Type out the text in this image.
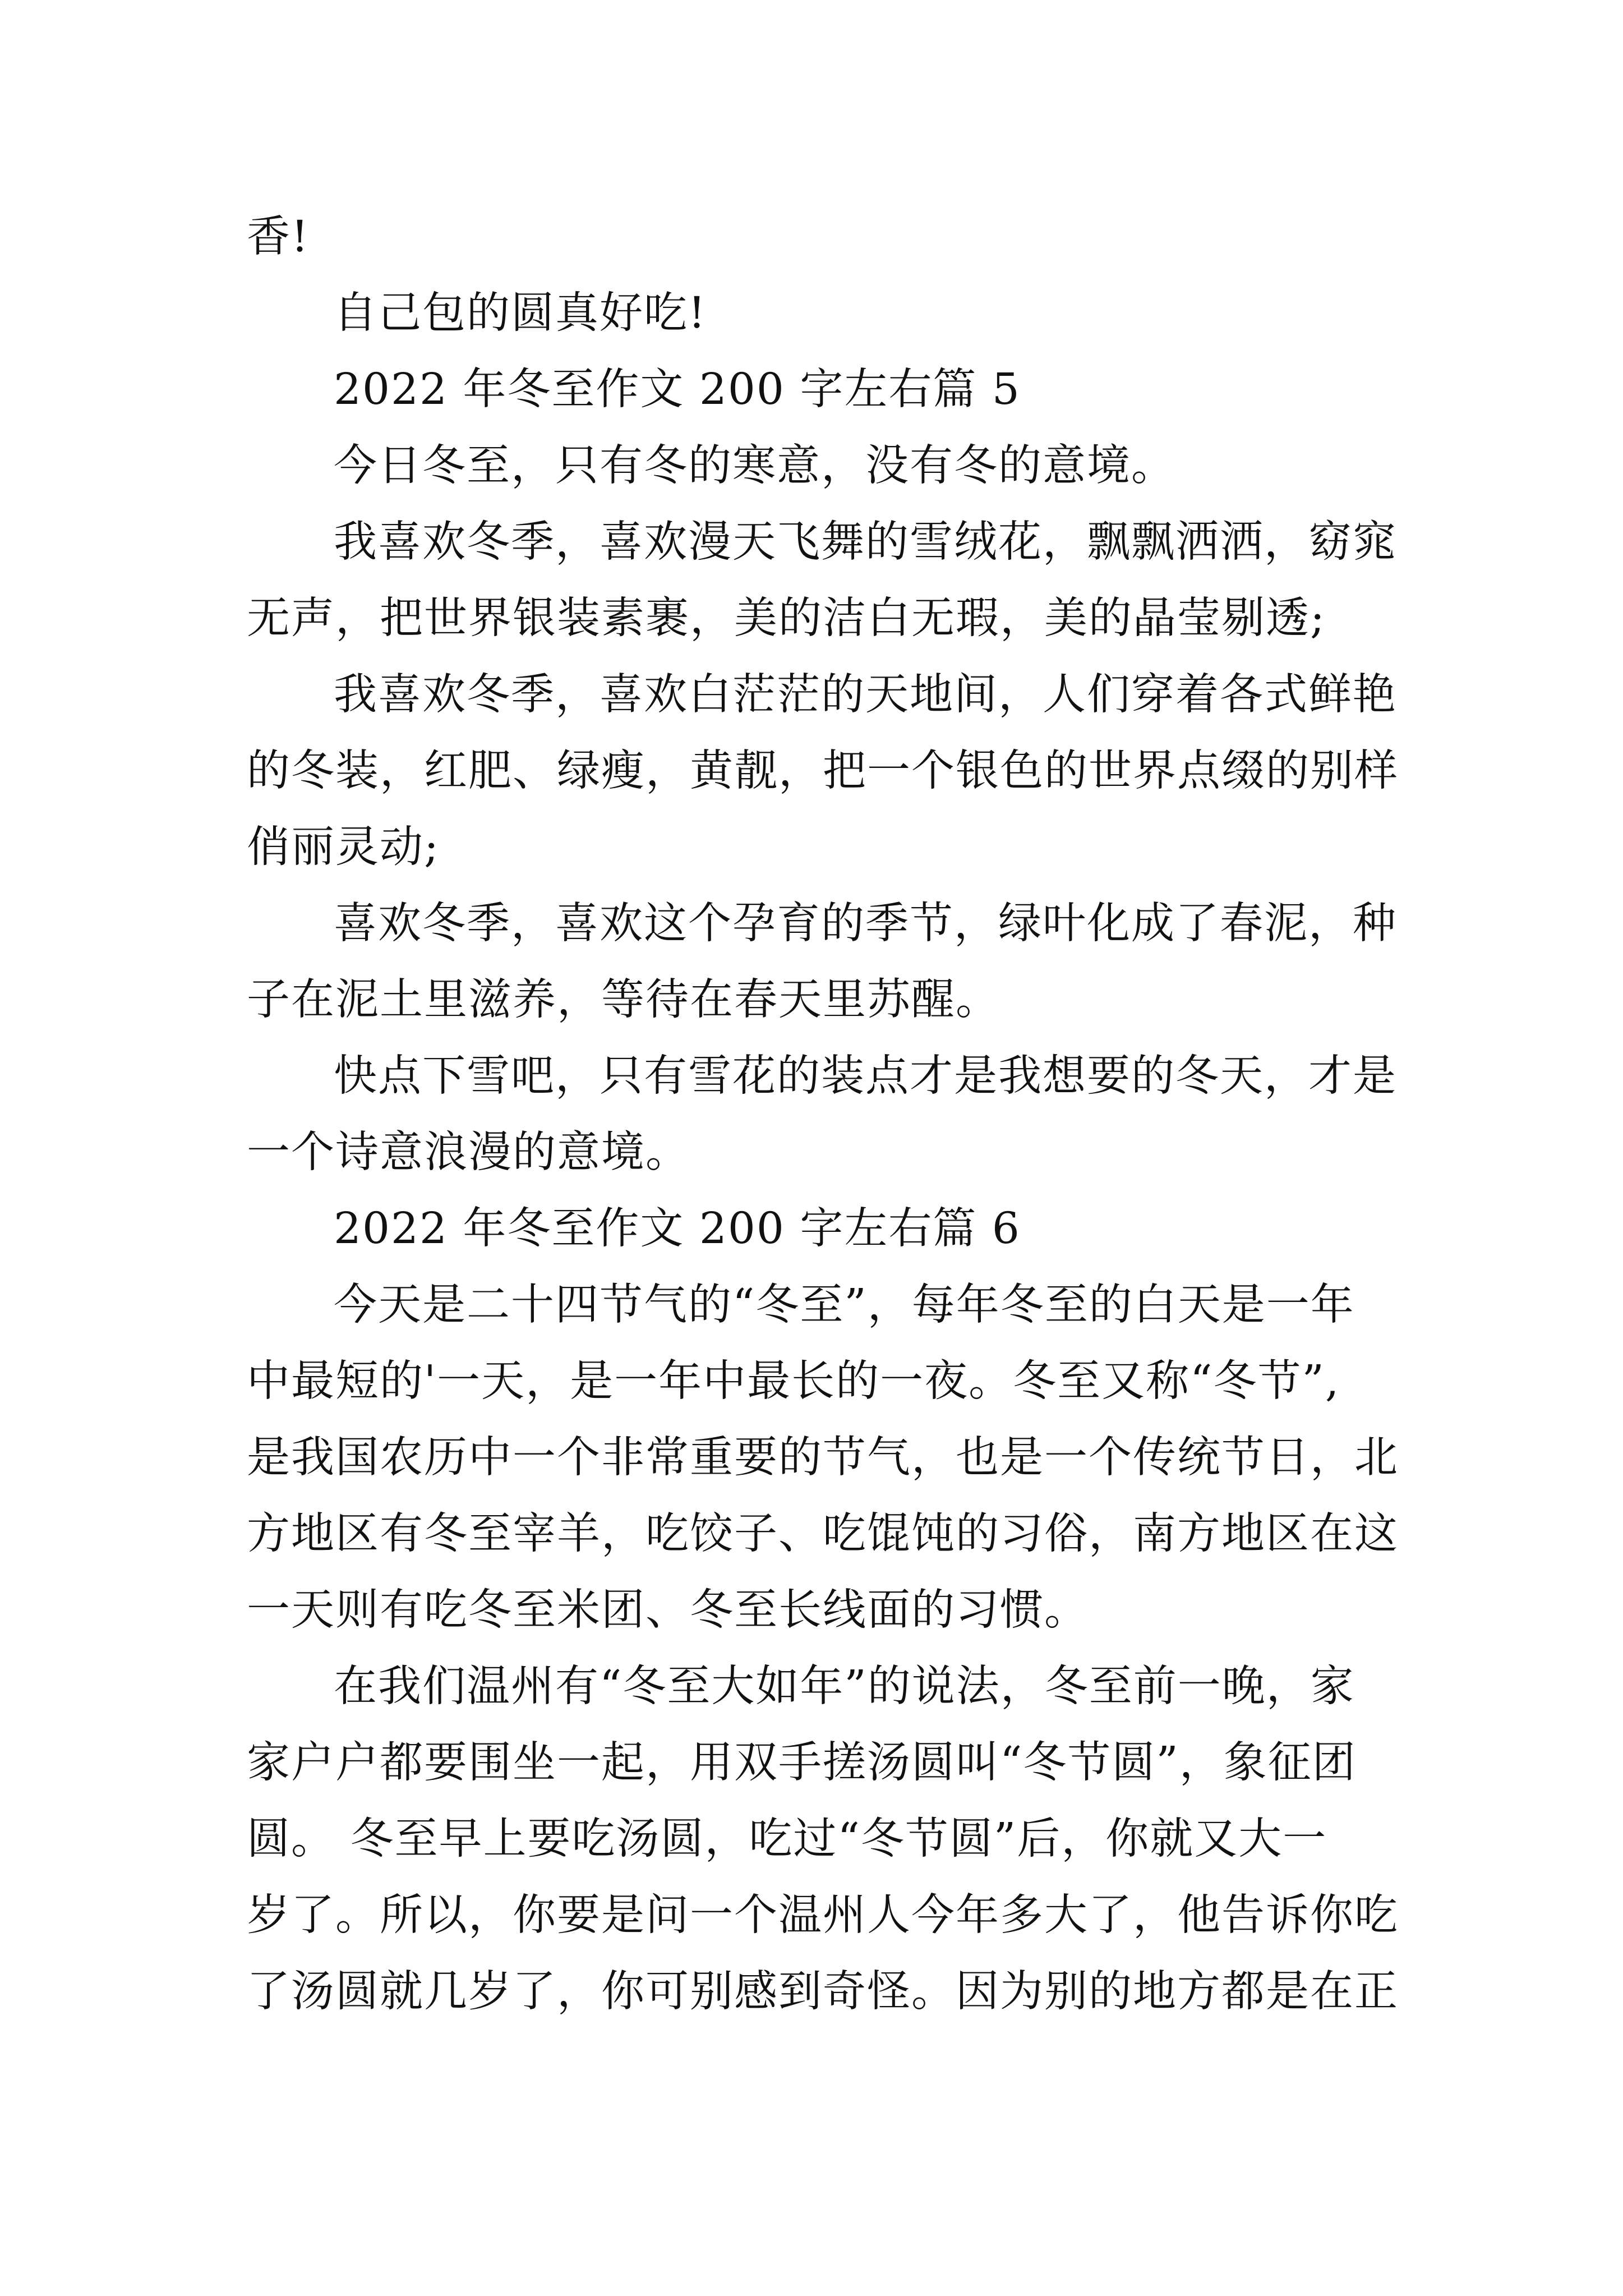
香!

自己包的圆真好吃!

2022 年冬至作文 200 字左右篇 5

今日冬至，只有冬的寒意，没有冬的意境。

我喜欢冬季，喜欢漫天飞舞的雪绒花，飘飘洒洒，窈窕

无声，把世界银装素裹，美的洁白无瑕，美的晶莹剔透;

我喜欢冬季，喜欢白茫茫的天地间，人们穿着各式鲜艳

的冬装，红肥、绿瘦，黄靓，把一个银色的世界点缀的别样

俏丽灵动;

喜欢冬季，喜欢这个孕育的季节，绿叶化成了春泥，种

子在泥土里滋养，等待在春天里苏醒。

快点下雪吧，只有雪花的装点才是我想要的冬天，才是

一个诗意浪漫的意境。

2022 年冬至作文 200 字左右篇 6

今天是二十四节气的“冬至”，每年冬至的白天是一年

中最短的'一天，是一年中最长的一夜。冬至又称“冬节”,

是我国农历中一个非常重要的节气，也是一个传统节日，北

方地区有冬至宰羊，吃饺子、吃馄饨的习俗，南方地区在这

一天则有吃冬至米团、冬至长线面的习惯。

在我们温州有“冬至大如年”的说法，冬至前一晚，家

家户户都要围坐一起，用双手搓汤圆叫“冬节圆”，象征团

圆。 冬至早上要吃汤圆，吃过“冬节圆”后，你就又大一

岁了。所以，你要是问一个温州人今年多大了，他告诉你吃

了汤圆就几岁了，你可别感到奇怪。因为别的地方都是在正
